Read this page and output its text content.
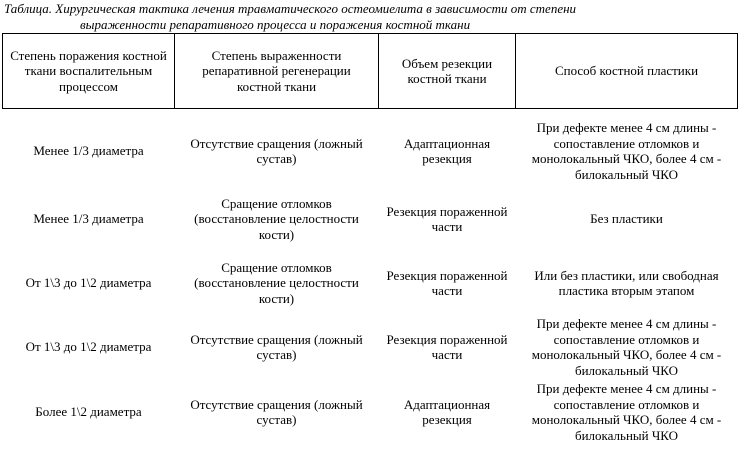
Таблица. Хирургическая тактика лечения травматического остеомиелита в зависимости от степени
выраженности репаративного процесса и поражения костной ткани
Степень поражения костной ткани воспалительным процессом	Степень выраженности репаративной регенерации костной ткани	Объем резекции костной ткани	Способ костной пластики
Менее 1/3 диаметра	Отсутствие сращения (ложный сустав)	Адаптационная резекция	При дефекте менее 4 см длины - сопоставление отломков и монолокальный ЧКО, более 4 см - билокальный ЧКО
Менее 1/3 диаметра	Сращение отломков (восстановление целостности кости)	Резекция пораженной части	Без пластики
От 1\3 до 1\2 диаметра	Сращение отломков (восстановление целостности кости)	Резекция пораженной части	Или без пластики, или свободная пластика вторым этапом
От 1\3 до 1\2 диаметра	Отсутствие сращения (ложный сустав)	Резекция пораженной части	При дефекте менее 4 см длины - сопоставление отломков и монолокальный ЧКО, более 4 см - билокальный ЧКО
Более 1\2 диаметра	Отсутствие сращения (ложный сустав)	Адаптационная резекция	При дефекте менее 4 см длины - сопоставление отломков и монолокальный ЧКО, более 4 см - билокальный ЧКО
